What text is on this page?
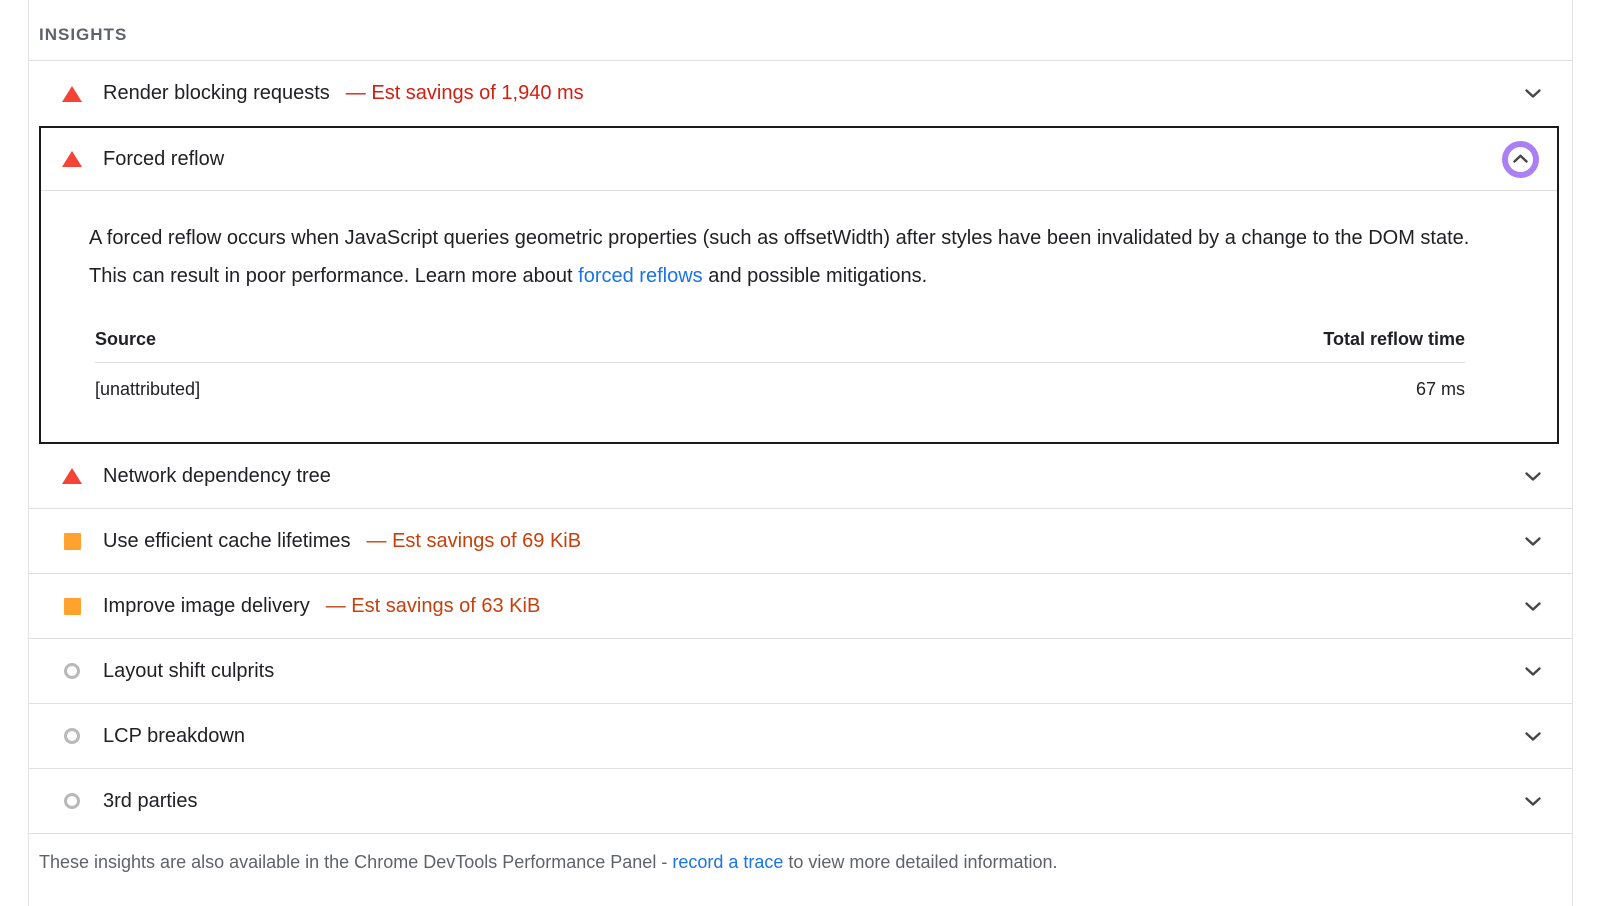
INSIGHTS
Render blocking requests — Est savings of 1,940 ms
Forced reflow

A forced reflow occurs when JavaScript queries geometric properties (such as offsetWidth) after styles have been invalidated by a change to the DOM state. This can result in poor performance. Learn more about forced reflows and possible mitigations.

Source	Total reflow time
[unattributed]	67 ms
Network dependency tree
Use efficient cache lifetimes — Est savings of 69 KiB
Improve image delivery — Est savings of 63 KiB
Layout shift culprits
LCP breakdown
3rd parties
These insights are also available in the Chrome DevTools Performance Panel - record a trace to view more detailed information.
